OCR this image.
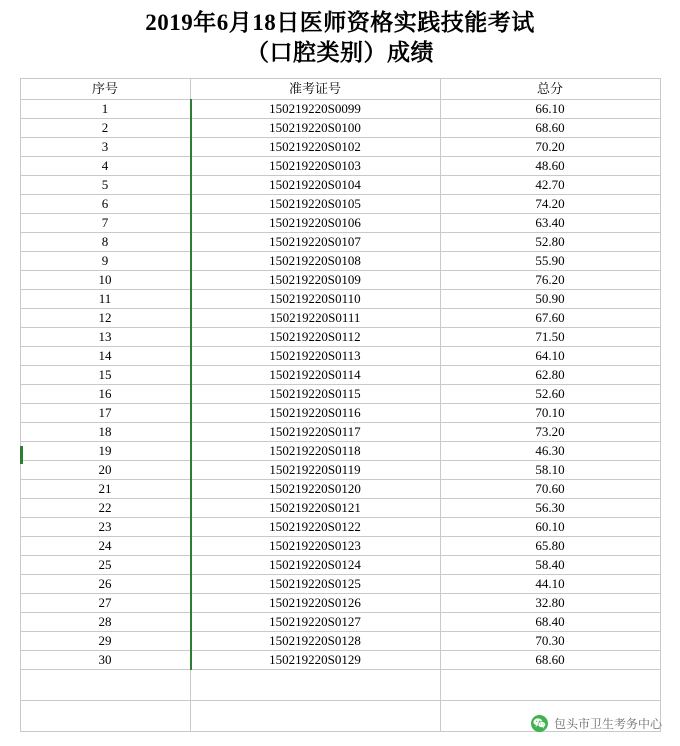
2019年6月18日医师资格实践技能考试
（口腔类别）成绩
序号	准考证号	总分
1	150219220S0099	66.10
2	150219220S0100	68.60
3	150219220S0102	70.20
4	150219220S0103	48.60
5	150219220S0104	42.70
6	150219220S0105	74.20
7	150219220S0106	63.40
8	150219220S0107	52.80
9	150219220S0108	55.90
10	150219220S0109	76.20
11	150219220S0110	50.90
12	150219220S0111	67.60
13	150219220S0112	71.50
14	150219220S0113	64.10
15	150219220S0114	62.80
16	150219220S0115	52.60
17	150219220S0116	70.10
18	150219220S0117	73.20
19	150219220S0118	46.30
20	150219220S0119	58.10
21	150219220S0120	70.60
22	150219220S0121	56.30
23	150219220S0122	60.10
24	150219220S0123	65.80
25	150219220S0124	58.40
26	150219220S0125	44.10
27	150219220S0126	32.80
28	150219220S0127	68.40
29	150219220S0128	70.30
30	150219220S0129	68.60

包头市卫生考务中心
